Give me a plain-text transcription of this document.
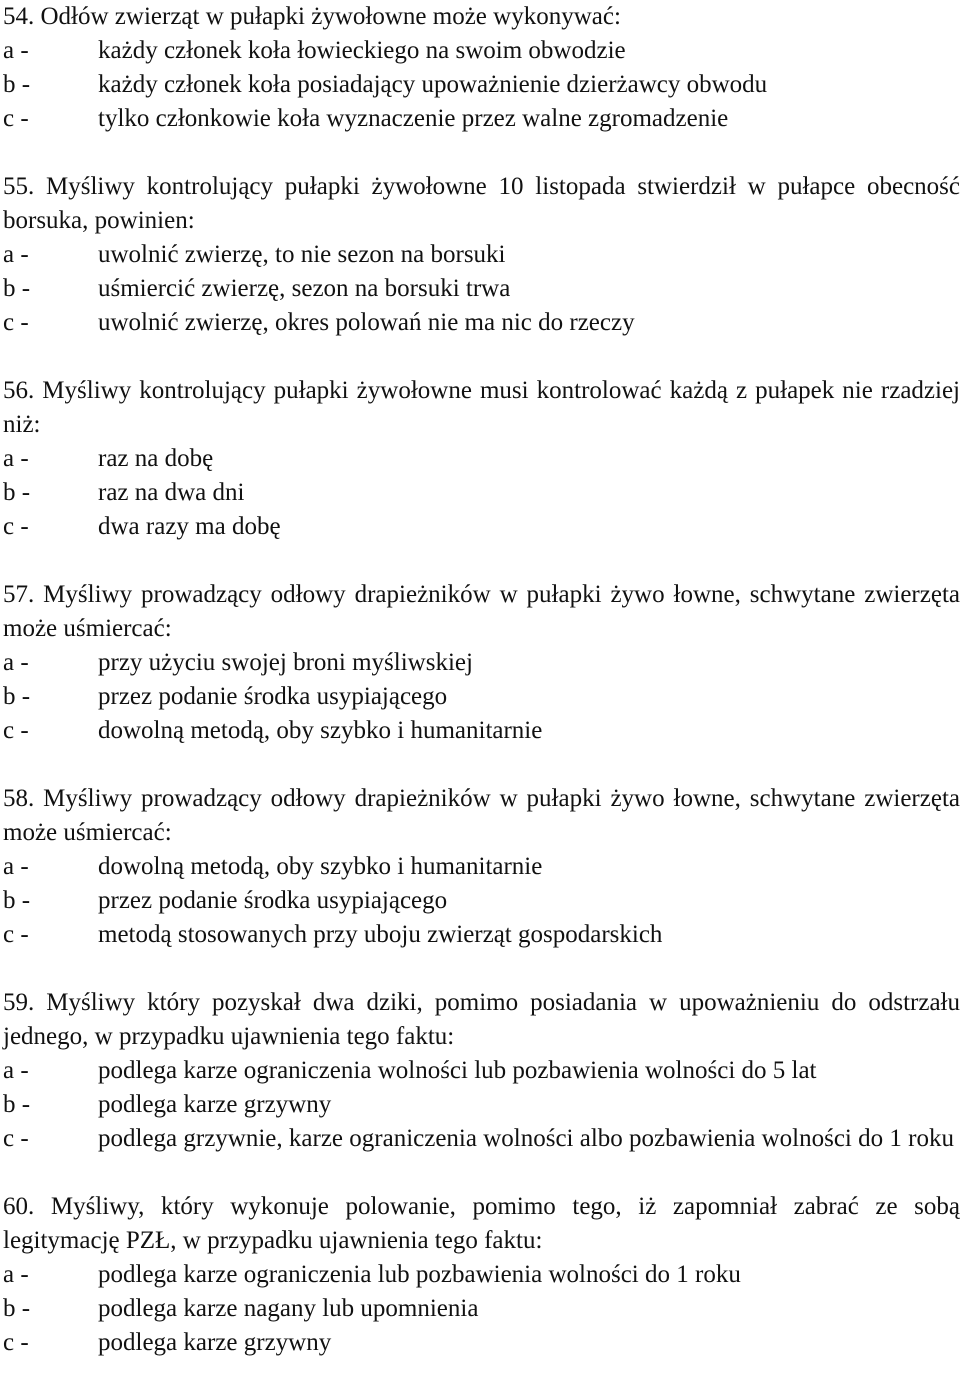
54. Odłów zwierząt w pułapki żywołowne może wykonywać:

a -	każdy członek koła łowieckiego na swoim obwodzie
b -	każdy członek koła posiadający upoważnienie dzierżawcy obwodu
c -	tylko członkowie koła wyznaczenie przez walne zgromadzenie

55. Myśliwy kontrolujący pułapki żywołowne 10 listopada stwierdził w pułapce obecność borsuka, powinien:

a -	uwolnić zwierzę, to nie sezon na borsuki
b -	uśmiercić zwierzę, sezon na borsuki trwa
c -	uwolnić zwierzę, okres polowań nie ma nic do rzeczy

56. Myśliwy kontrolujący pułapki żywołowne musi kontrolować każdą z pułapek nie rzadziej niż:

a -	raz na dobę
b -	raz na dwa dni
c -	dwa razy ma dobę

57. Myśliwy prowadzący odłowy drapieżników w pułapki żywo łowne, schwytane zwierzęta może uśmiercać:

a -	przy użyciu swojej broni myśliwskiej
b -	przez podanie środka usypiającego
c -	dowolną metodą, oby szybko i humanitarnie

58. Myśliwy prowadzący odłowy drapieżników w pułapki żywo łowne, schwytane zwierzęta może uśmiercać:

a -	dowolną metodą, oby szybko i humanitarnie
b -	przez podanie środka usypiającego
c -	metodą stosowanych przy uboju zwierząt gospodarskich

59. Myśliwy który pozyskał dwa dziki, pomimo posiadania w upoważnieniu do odstrzału jednego, w przypadku ujawnienia tego faktu:

a -	podlega karze ograniczenia wolności lub pozbawienia wolności do 5 lat
b -	podlega karze grzywny
c -	podlega grzywnie, karze ograniczenia wolności albo pozbawienia wolności do 1 roku

60. Myśliwy, który wykonuje polowanie, pomimo tego, iż zapomniał zabrać ze sobą legitymację PZŁ, w przypadku ujawnienia tego faktu:

a -	podlega karze ograniczenia lub pozbawienia wolności do 1 roku
b -	podlega karze nagany lub upomnienia
c -	podlega karze grzywny
